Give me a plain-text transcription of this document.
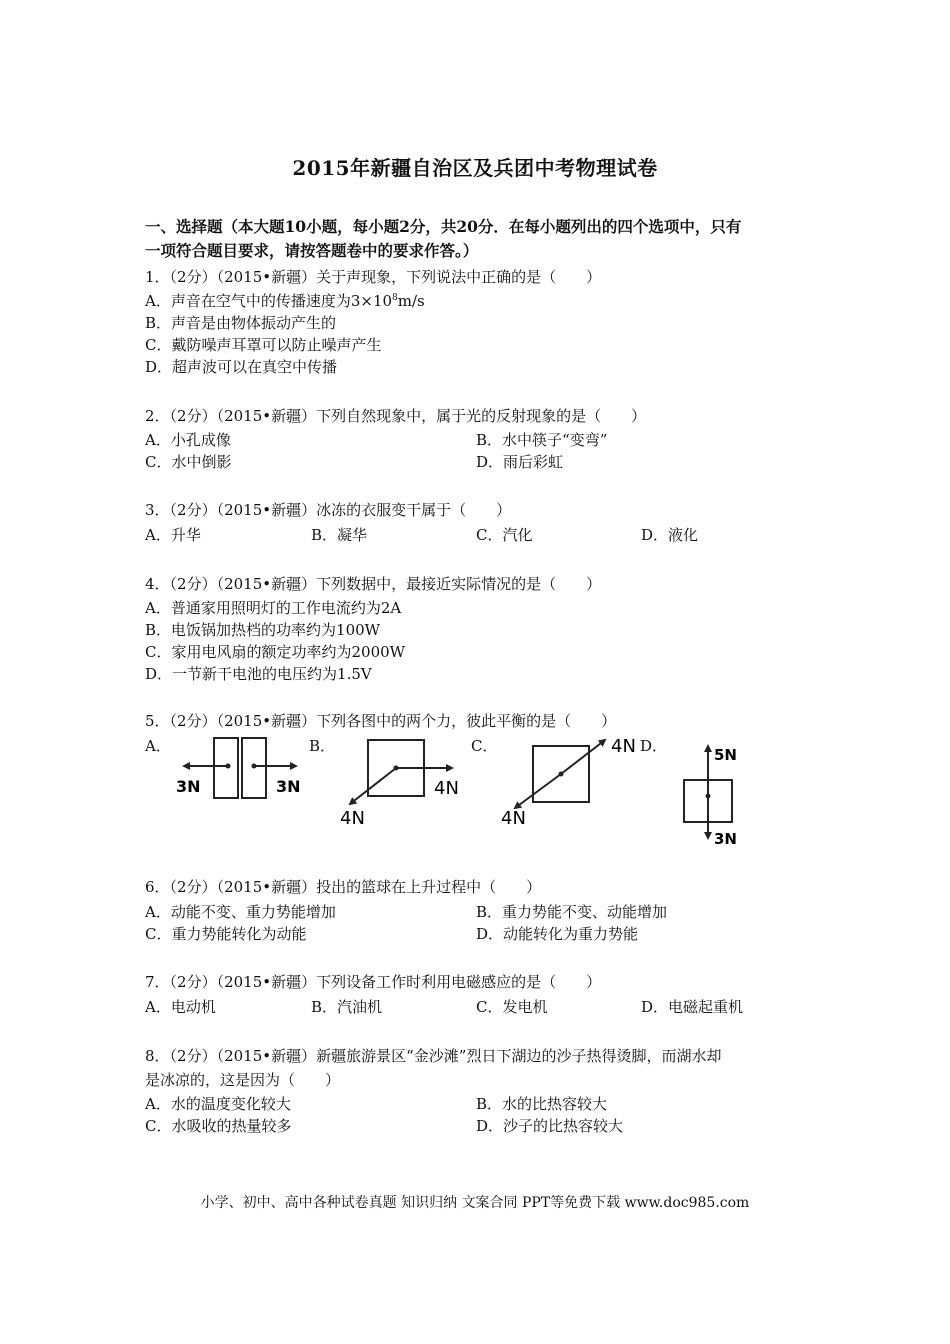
2015年新疆自治区及兵团中考物理试卷
一、选择题（本大题10小题，每小题2分，共20分．在每小题列出的四个选项中，只有
一项符合题目要求，请按答题卷中的要求作答。）
1．（2分）（2015•新疆）关于声现象，下列说法中正确的是（　　）
A．声音在空气中的传播速度为$3\times 10^8m/s$
B．声音是由物体振动产生的
C．戴防噪声耳罩可以防止噪声产生
D．超声波可以在真空中传播
2．（2分）（2015•新疆）下列自然现象中，属于光的反射现象的是（　　）
A．小孔成像	B．水中筷子“变弯”
C．水中倒影	D．雨后彩虹
3．（2分）（2015•新疆）冰冻的衣服变干属于（　　）
A．升华	B．凝华	C．汽化	D．液化
4．（2分）（2015•新疆）下列数据中，最接近实际情况的是（　　）
A．普通家用照明灯的工作电流约为2A
B．电饭锅加热档的功率约为100W
C．家用电风扇的额定功率约为2000W
D．一节新干电池的电压约为1.5V
5．（2分）（2015•新疆）下列各图中的两个力，彼此平衡的是（　　）
A．	B．	C．	D．
3N	3N
4N
4N
4N
4N
5N
3N
6．（2分）（2015•新疆）投出的篮球在上升过程中（　　）
A．动能不变、重力势能增加	B．重力势能不变、动能增加
C．重力势能转化为动能	D．动能转化为重力势能
7．（2分）（2015•新疆）下列设备工作时利用电磁感应的是（　　）
A．电动机	B．汽油机	C．发电机	D．电磁起重机
8．（2分）（2015•新疆）新疆旅游景区“金沙滩”烈日下湖边的沙子热得烫脚，而湖水却
是冰凉的，这是因为（　　）
A．水的温度变化较大	B．水的比热容较大
C．水吸收的热量较多	D．沙子的比热容较大
小学、初中、高中各种试卷真题 知识归纳 文案合同 PPT等免费下载 www.doc985.com
